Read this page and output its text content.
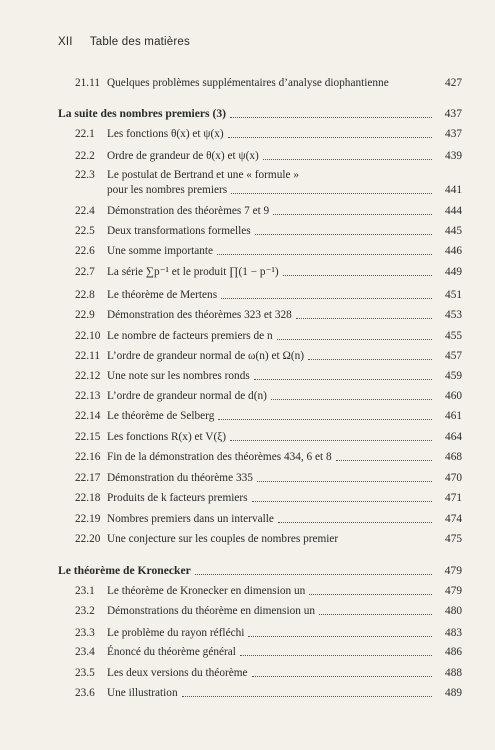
XII Table des matières
21.11 Quelques problèmes supplémentaires d’analyse diophantienne	427
La suite des nombres premiers (3)	437
22.1	Les fonctions θ(x) et ψ(x)	437
22.2	Ordre de grandeur de θ(x) et ψ(x)	439
22.3	Le postulat de Bertrand et une « formule »
pour les nombres premiers	441
22.4	Démonstration des théorèmes 7 et 9	444
22.5	Deux transformations formelles	445
22.6	Une somme importante	446
22.7	La série ∑p⁻¹ et le produit ∏(1 − p⁻¹)	449
22.8	Le théorème de Mertens	451
22.9	Démonstration des théorèmes 323 et 328	453
22.10 Le nombre de facteurs premiers de n	455
22.11 L’ordre de grandeur normal de ω(n) et Ω(n)	457
22.12 Une note sur les nombres ronds	459
22.13 L’ordre de grandeur normal de d(n)	460
22.14 Le théorème de Selberg	461
22.15 Les fonctions R(x) et V(ξ)	464
22.16 Fin de la démonstration des théorèmes 434, 6 et 8	468
22.17 Démonstration du théorème 335	470
22.18 Produits de k facteurs premiers	471
22.19 Nombres premiers dans un intervalle	474
22.20 Une conjecture sur les couples de nombres premier	475
Le théorème de Kronecker	479
23.1	Le théorème de Kronecker en dimension un	479
23.2	Démonstrations du théorème en dimension un	480
23.3	Le problème du rayon réfléchi	483
23.4	Énoncé du théorème général	486
23.5	Les deux versions du théorème	488
23.6	Une illustration	489
